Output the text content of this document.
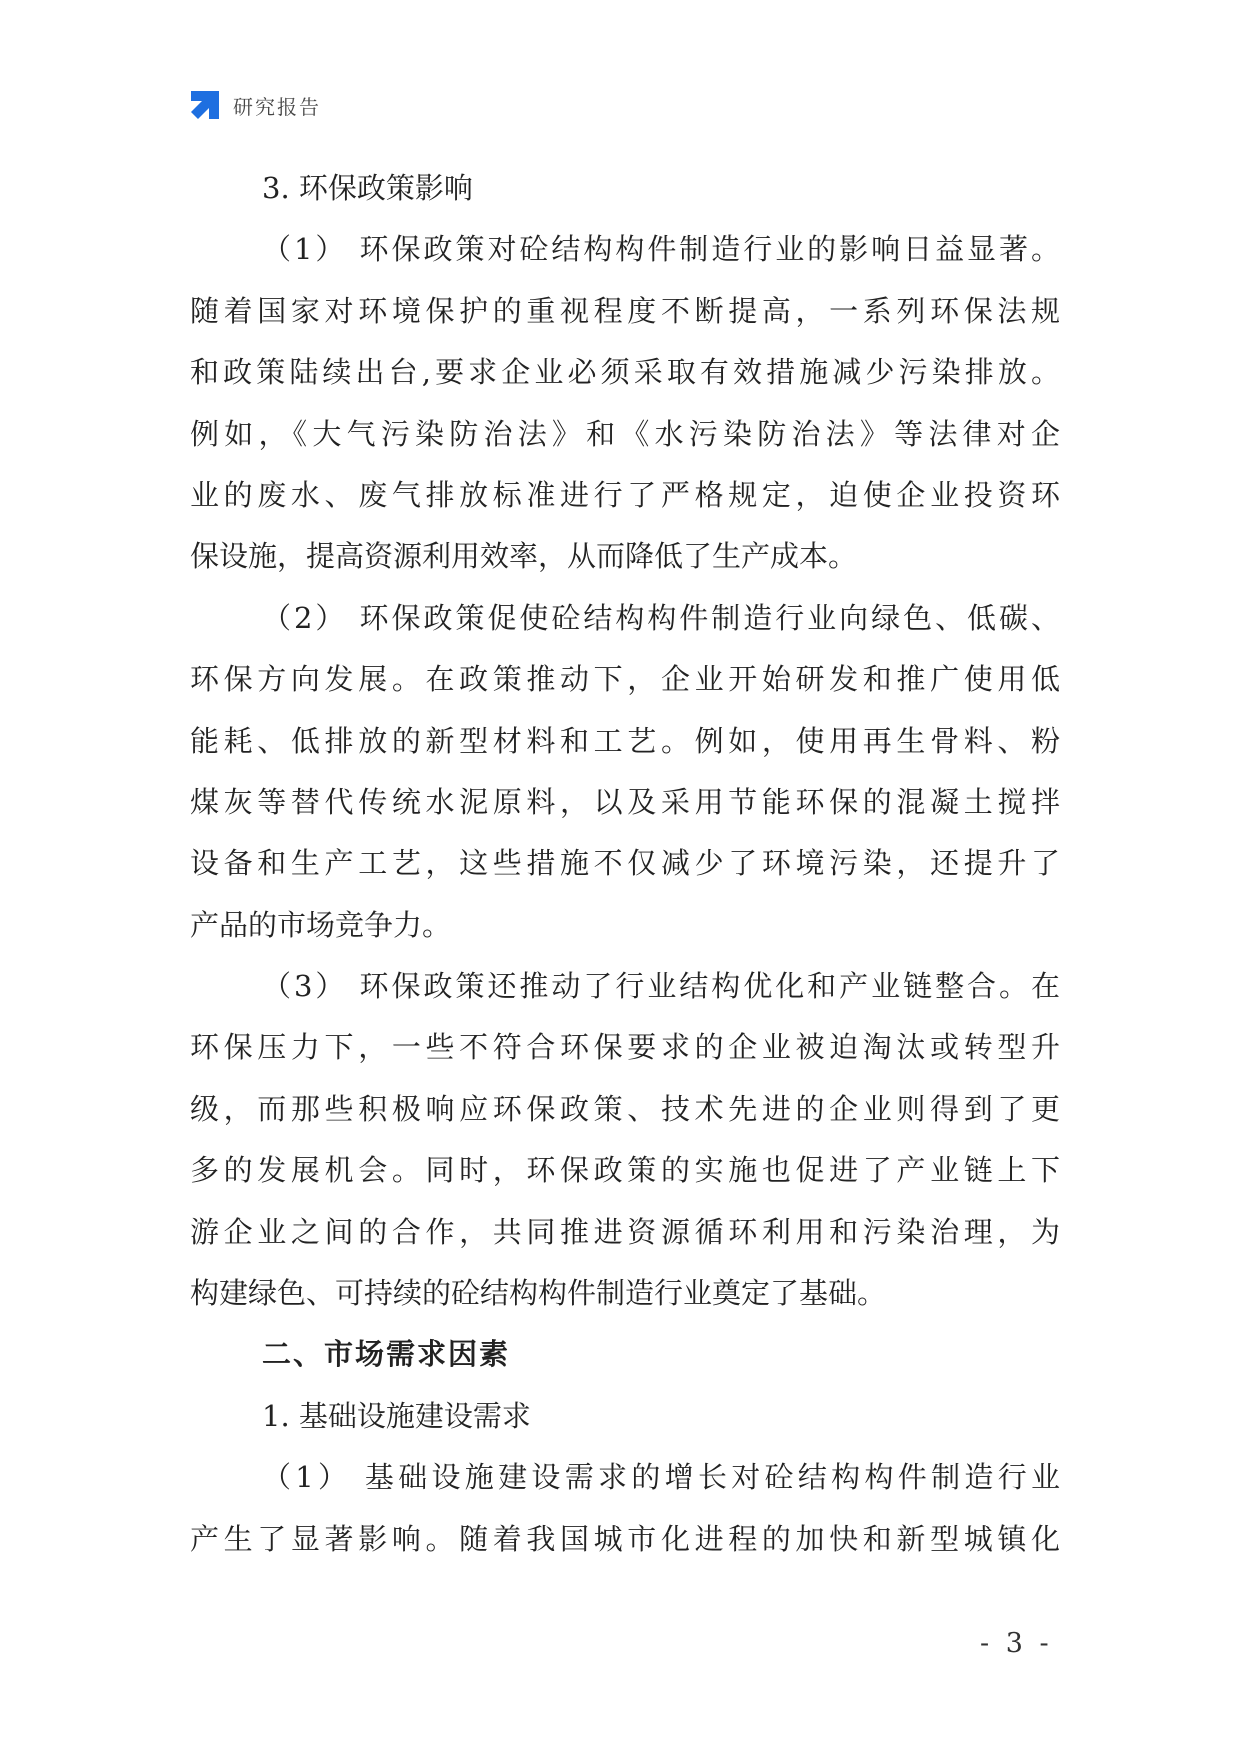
研究报告
3. 环保政策影响
（1） 环保政策对砼结构构件制造行业的影响日益显著。
随着国家对环境保护的重视程度不断提高，一系列环保法规
和政策陆续出台,要求企业必须采取有效措施减少污染排放。
例如，《大气污染防治法》和《水污染防治法》等法律对企
业的废水、废气排放标准进行了严格规定，迫使企业投资环
保设施，提高资源利用效率，从而降低了生产成本。
（2） 环保政策促使砼结构构件制造行业向绿色、低碳、
环保方向发展。在政策推动下，企业开始研发和推广使用低
能耗、低排放的新型材料和工艺。例如，使用再生骨料、粉
煤灰等替代传统水泥原料，以及采用节能环保的混凝土搅拌
设备和生产工艺，这些措施不仅减少了环境污染，还提升了
产品的市场竞争力。
（3） 环保政策还推动了行业结构优化和产业链整合。在
环保压力下，一些不符合环保要求的企业被迫淘汰或转型升
级，而那些积极响应环保政策、技术先进的企业则得到了更
多的发展机会。同时，环保政策的实施也促进了产业链上下
游企业之间的合作，共同推进资源循环利用和污染治理，为
构建绿色、可持续的砼结构构件制造行业奠定了基础。
二、市场需求因素
1. 基础设施建设需求
（1） 基础设施建设需求的增长对砼结构构件制造行业
产生了显著影响。随着我国城市化进程的加快和新型城镇化
- 3 -
